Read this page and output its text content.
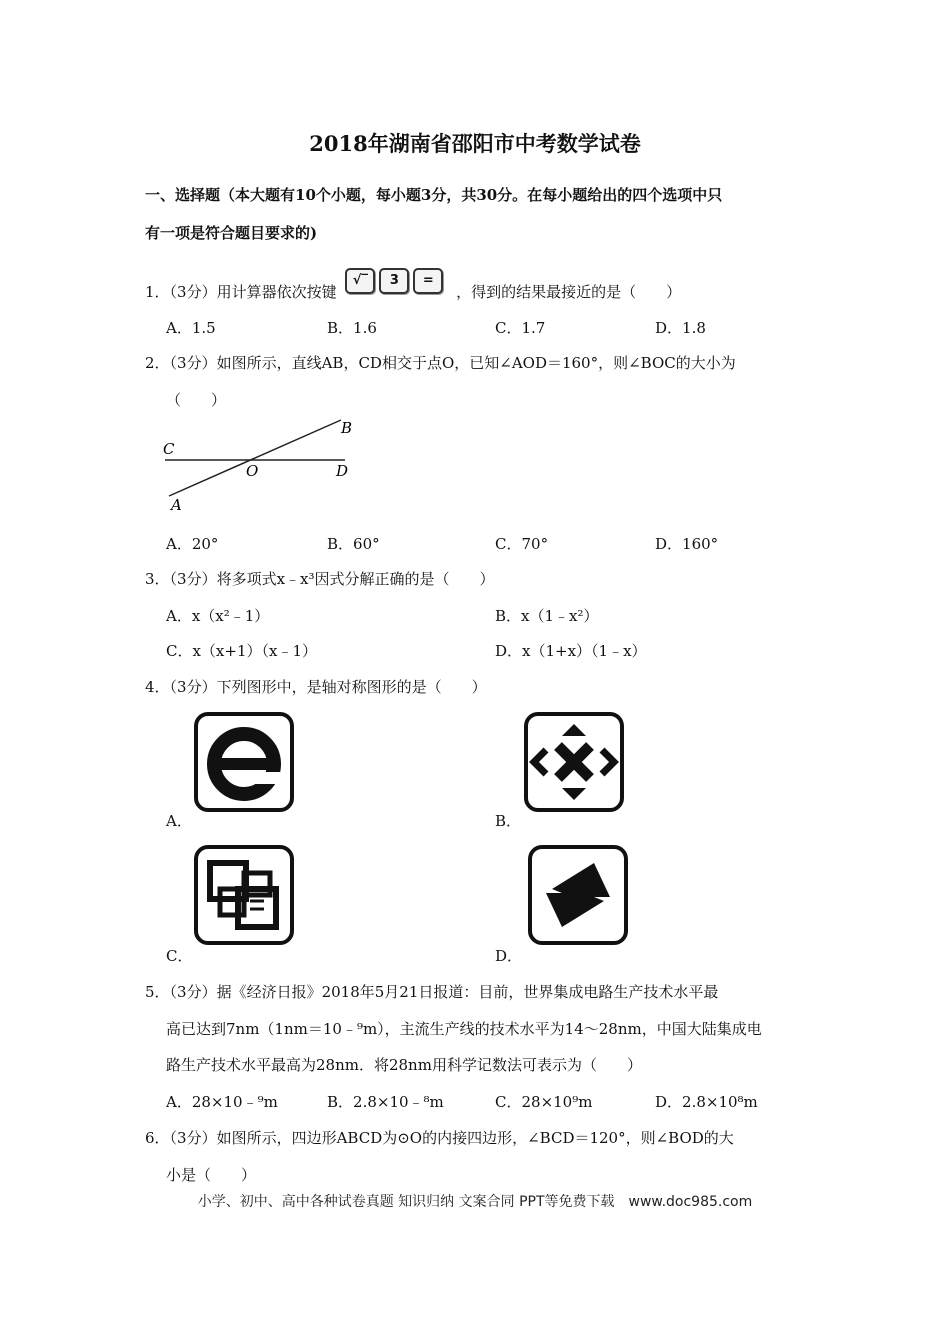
2018年湖南省邵阳市中考数学试卷
一、选择题（本大题有10个小题，每小题3分，共30分。在每小题给出的四个选项中只
有一项是符合题目要求的)
1．（3分）用计算器依次按键 √‾ 3 = ，得到的结果最接近的是（　　）
A．1.5	B．1.6	C．1.7	D．1.8
2．（3分）如图所示，直线AB，CD相交于点O，已知∠AOD＝160°，则∠BOC的大小为
（　　）
C
B
O	D
A
A．20°	B．60°	C．70°	D．160°
3．（3分）将多项式x﹣x³因式分解正确的是（　　）
A．x（x²﹣1）	B．x（1﹣x²）
C．x（x+1）（x﹣1）	D．x（1+x）（1﹣x）
4．（3分）下列图形中，是轴对称图形的是（　　）
A．	B．
C．	D．
5．（3分）据《经济日报》2018年5月21日报道：目前，世界集成电路生产技术水平最
高已达到7nm（1nm＝10﹣⁹m），主流生产线的技术水平为14～28nm，中国大陆集成电
路生产技术水平最高为28nm．将28nm用科学记数法可表示为（　　）
A．28×10﹣⁹m	B．2.8×10﹣⁸m	C．28×10⁹m	D．2.8×10⁸m
6．（3分）如图所示，四边形ABCD为⊙O的内接四边形，∠BCD＝120°，则∠BOD的大
小是（　　）
小学、初中、高中各种试卷真题 知识归纳 文案合同 PPT等免费下载　www.doc985.com
